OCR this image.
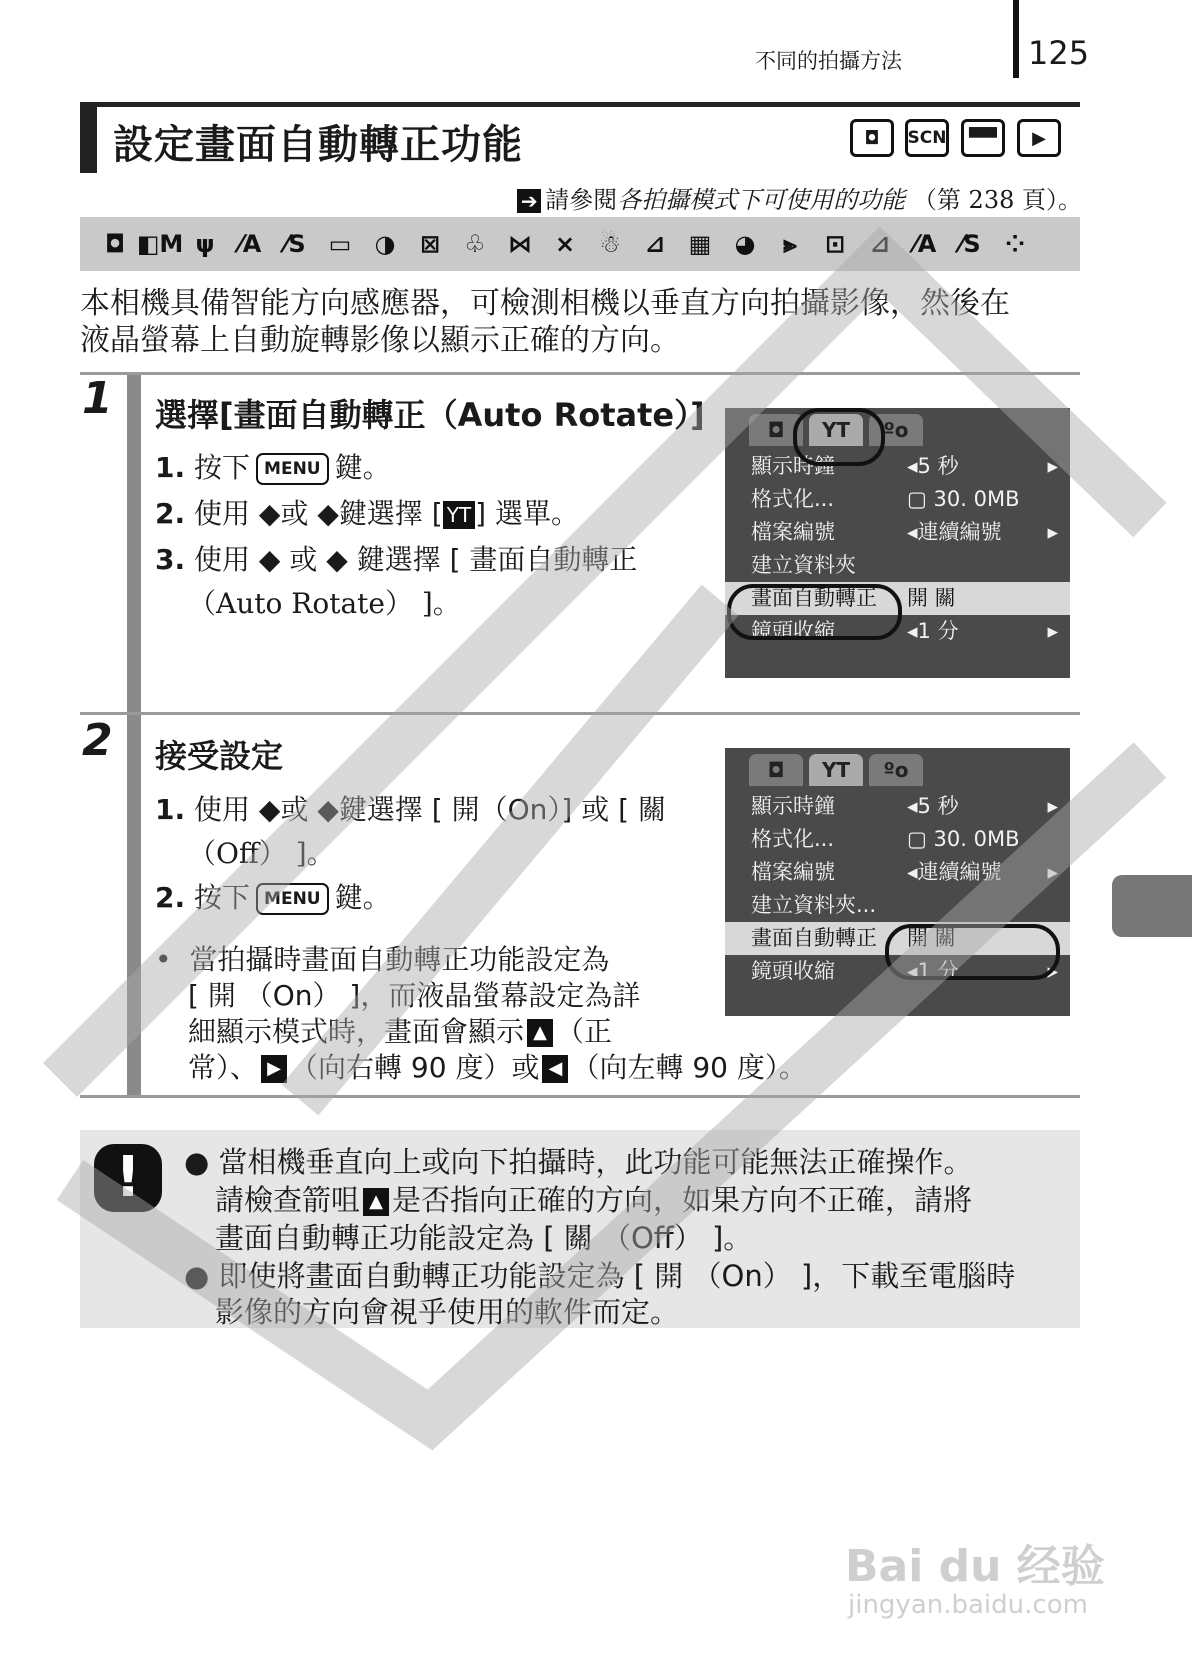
不同的拍攝方法	125
設定畫面自動轉正功能	◘	SCN	▀▀	▶
➔ 請參閱各拍攝模式下可使用的功能 （第 238 頁）。
◘ ◧M ψ	⁄A ⁄S ▭ ◑	⊠	♧ ⋈ ⨯	☃	⊿ ▦ ◕	⫸	⊡	⊿ ⁄A ⁄S	⁘
本相機具備智能方向感應器，可檢測相機以垂直方向拍攝影像，然後在
液晶螢幕上自動旋轉影像以顯示正確的方向。
1 選擇[畫面自動轉正（Auto Rotate）]
1. 按下 MENU 鍵。
2. 使用 ◆或 ◆鍵選擇 [ YT ] 選單。
3. 使用 ◆ 或 ◆ 鍵選擇 [ 畫面自動轉正
（Auto Rotate） ]。
◘	YT	ºo
顯示時鐘	◂5 秒	▸
格式化...	▢ 30. 0MB
檔案編號	◂連續編號 ▸
建立資料夾
畫面自動轉正 開 關
鏡頭收縮	◂1 分	▸
2 接受設定
1. 使用 ◆或 ◆鍵選擇 [ 開（On）] 或 [ 關
（Off） ]。
2. 按下 MENU 鍵。
•  當拍攝時畫面自動轉正功能設定為
[ 開 （On） ]，而液晶螢幕設定為詳
細顯示模式時，畫面會顯示 ▲ （正
常）、 ▶ （向右轉 90 度）或 ◀ （向左轉 90 度）。
◘	YT	ºo
顯示時鐘	◂5 秒	▸
格式化...	▢ 30. 0MB
檔案編號	◂連續編號 ▸
建立資料夾...
畫面自動轉正 開 關
鏡頭收縮	◂1 分	▸
!	● 當相機垂直向上或向下拍攝時，此功能可能無法正確操作。
請檢查箭咀 ▲ 是否指向正確的方向，如果方向不正確，請將
畫面自動轉正功能設定為 [ 關 （Off） ]。
● 即使將畫面自動轉正功能設定為 [ 開 （On） ]，下載至電腦時
影像的方向會視乎使用的軟件而定。
COPY
Bai du 经验
jingyan.baidu.com
